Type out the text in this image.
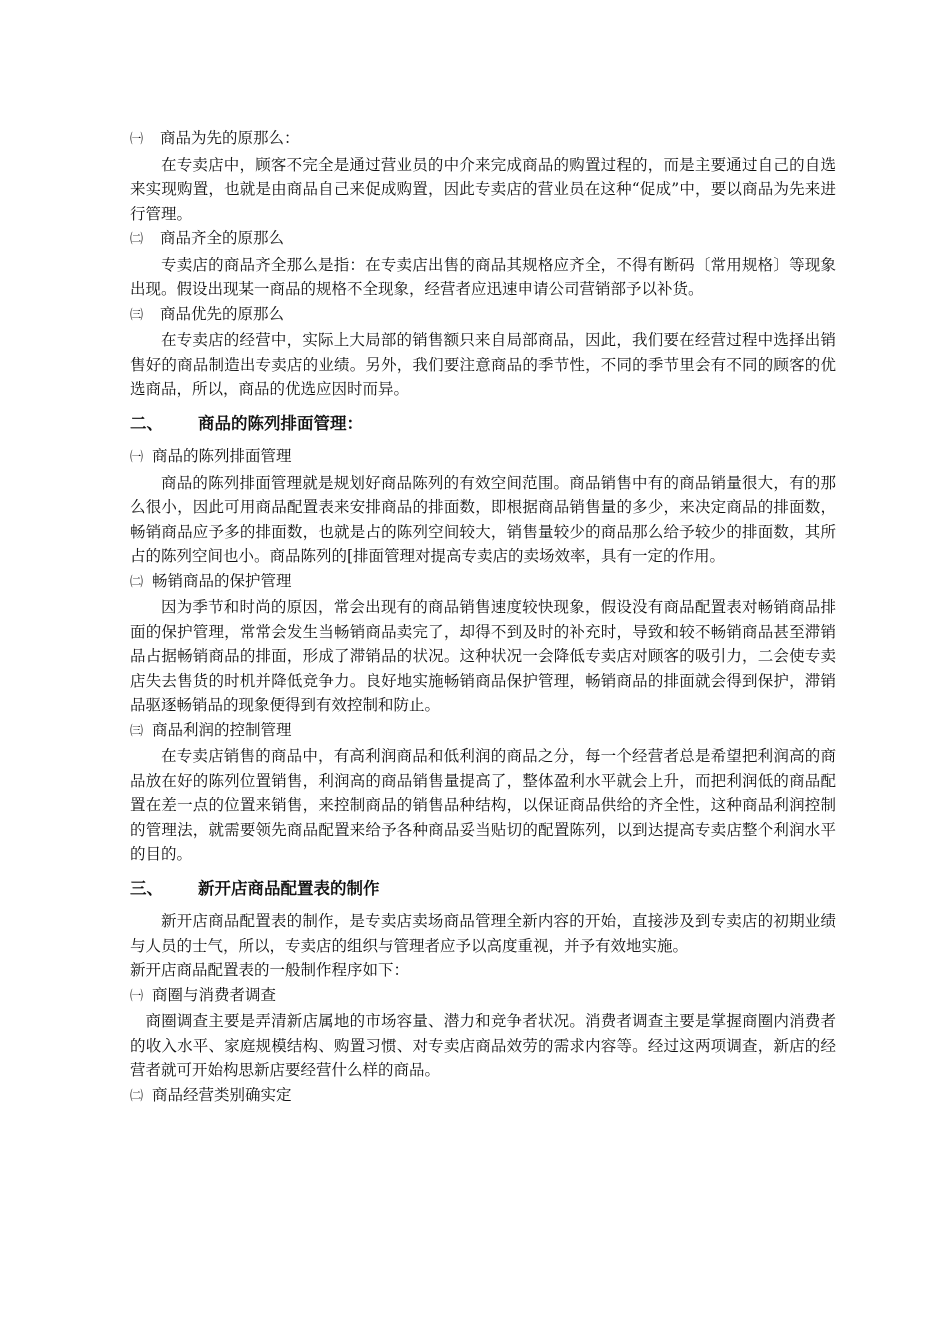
㈠ 商品为先的原那么：

在专卖店中，顾客不完全是通过营业员的中介来完成商品的购置过程的，而是主要通过自己的自选来实现购置，也就是由商品自己来促成购置，因此专卖店的营业员在这种“促成”中，要以商品为先来进行管理。

㈡ 商品齐全的原那么

专卖店的商品齐全那么是指：在专卖店出售的商品其规格应齐全，不得有断码〔常用规格〕等现象出现。假设出现某一商品的规格不全现象，经营者应迅速申请公司营销部予以补货。

㈢ 商品优先的原那么

在专卖店的经营中，实际上大局部的销售额只来自局部商品，因此，我们要在经营过程中选择出销售好的商品制造出专卖店的业绩。另外，我们要注意商品的季节性，不同的季节里会有不同的顾客的优选商品，所以，商品的优选应因时而异。

二、 商品的陈列排面管理：
㈠ 商品的陈列排面管理

商品的陈列排面管理就是规划好商品陈列的有效空间范围。商品销售中有的商品销量很大，有的那么很小，因此可用商品配置表来安排商品的排面数，即根据商品销售量的多少，来决定商品的排面数，畅销商品应予多的排面数，也就是占的陈列空间较大，销售量较少的商品那么给予较少的排面数，其所占的陈列空间也小。商品陈列的[排面管理对提高专卖店的卖场效率，具有一定的作用。

㈡ 畅销商品的保护管理

因为季节和时尚的原因，常会出现有的商品销售速度较快现象，假设没有商品配置表对畅销商品排面的保护管理，常常会发生当畅销商品卖完了，却得不到及时的补充时，导致和较不畅销商品甚至滞销品占据畅销商品的排面，形成了滞销品的状况。这种状况一会降低专卖店对顾客的吸引力，二会使专卖店失去售货的时机并降低竞争力。良好地实施畅销商品保护管理，畅销商品的排面就会得到保护，滞销品驱逐畅销品的现象便得到有效控制和防止。

㈢ 商品利润的控制管理

在专卖店销售的商品中，有高利润商品和低利润的商品之分，每一个经营者总是希望把利润高的商品放在好的陈列位置销售，利润高的商品销售量提高了，整体盈利水平就会上升，而把利润低的商品配置在差一点的位置来销售，来控制商品的销售品种结构，以保证商品供给的齐全性，这种商品利润控制的管理法，就需要领先商品配置来给予各种商品妥当贴切的配置陈列，以到达提高专卖店整个利润水平的目的。

三、 新开店商品配置表的制作

新开店商品配置表的制作，是专卖店卖场商品管理全新内容的开始，直接涉及到专卖店的初期业绩与人员的士气，所以，专卖店的组织与管理者应予以高度重视，并予有效地实施。

新开店商品配置表的一般制作程序如下：

㈠ 商圈与消费者调查

商圈调查主要是弄清新店属地的市场容量、潜力和竞争者状况。消费者调查主要是掌握商圈内消费者的收入水平、家庭规模结构、购置习惯、对专卖店商品效劳的需求内容等。经过这两项调查，新店的经营者就可开始构思新店要经营什么样的商品。

㈡ 商品经营类别确实定
